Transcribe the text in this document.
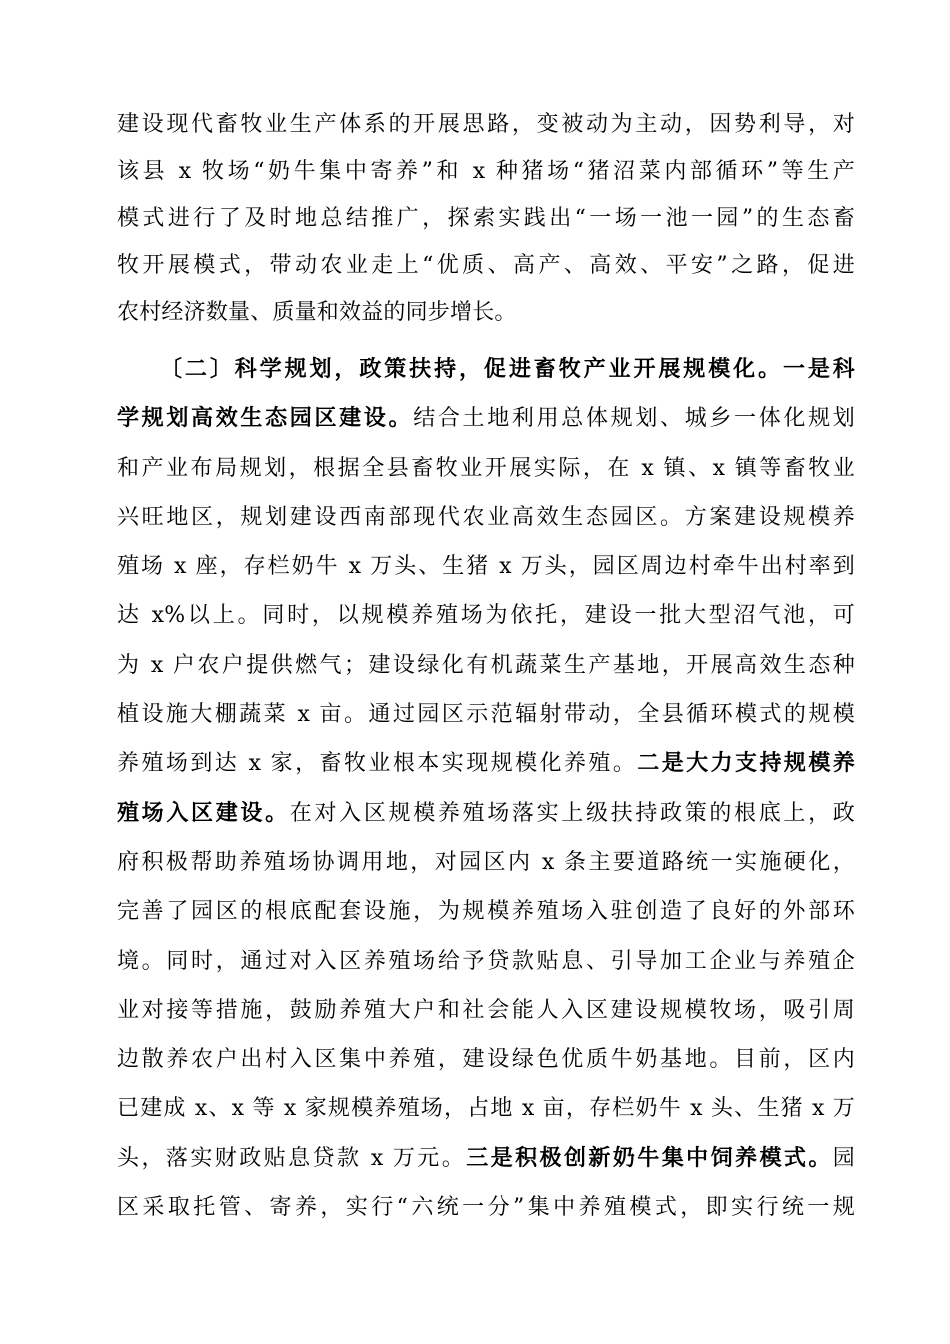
建设现代畜牧业生产体系的开展思路，变被动为主动，因势利导，对
该县 x 牧场“奶牛集中寄养”和 x 种猪场“猪沼菜内部循环”等生产
模式进行了及时地总结推广，探索实践出“一场一池一园”的生态畜
牧开展模式，带动农业走上“优质、高产、高效、平安”之路，促进
农村经济数量、质量和效益的同步增长。
〔二〕科学规划，政策扶持，促进畜牧产业开展规模化。一是科
学规划高效生态园区建设。结合土地利用总体规划、城乡一体化规划
和产业布局规划，根据全县畜牧业开展实际，在 x 镇、x 镇等畜牧业
兴旺地区，规划建设西南部现代农业高效生态园区。方案建设规模养
殖场 x 座，存栏奶牛 x 万头、生猪 x 万头，园区周边村牵牛出村率到
达 x%以上。同时，以规模养殖场为依托，建设一批大型沼气池，可
为 x 户农户提供燃气；建设绿化有机蔬菜生产基地，开展高效生态种
植设施大棚蔬菜 x 亩。通过园区示范辐射带动，全县循环模式的规模
养殖场到达 x 家，畜牧业根本实现规模化养殖。二是大力支持规模养
殖场入区建设。在对入区规模养殖场落实上级扶持政策的根底上，政
府积极帮助养殖场协调用地，对园区内 x 条主要道路统一实施硬化，
完善了园区的根底配套设施，为规模养殖场入驻创造了良好的外部环
境。同时，通过对入区养殖场给予贷款贴息、引导加工企业与养殖企
业对接等措施，鼓励养殖大户和社会能人入区建设规模牧场，吸引周
边散养农户出村入区集中养殖，建设绿色优质牛奶基地。目前，区内
已建成 x、x 等 x 家规模养殖场，占地 x 亩，存栏奶牛 x 头、生猪 x 万
头，落实财政贴息贷款 x 万元。三是积极创新奶牛集中饲养模式。园
区采取托管、寄养，实行“六统一分”集中养殖模式，即实行统一规
